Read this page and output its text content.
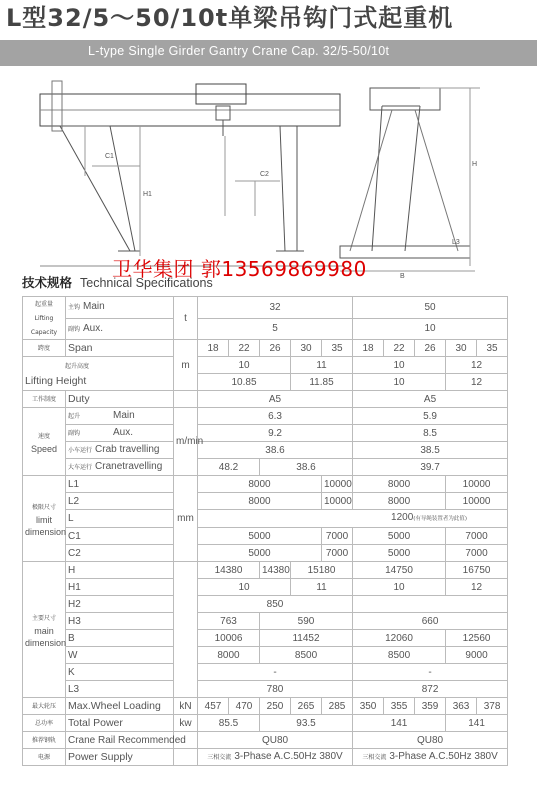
L型32/5～50/10t单梁吊钩门式起重机
L-type Single Girder Gantry Crane Cap. 32/5-50/10t
C1
C2
H1
H
B
L3
卫华集团 郭13569869980
技术规格 Technical Specifications
起重量
Lifting Capacity	主钩 Main	t	32					50				
	副钩 Aux.		5					10				
跨度	Span	m	18	22	26	30	35	18	22	26	30	35
起升高度
Lifting Height			10			11		10			12	
			10.85			11.85		10			12	
工作制度	Duty		A5					A5				
速度
Speed	起升 Main	m/min	6.3					5.9				
	副钩 Aux.		9.2					8.5				
	小车运行 Crab travelling		38.6					38.5				
	大车运行 Cranetravelling		48.2		38.6			39.7				
极限尺寸
limit
dimension	L1	mm	8000				10000	8000			10000	
	L2		8000				10000	8000			10000	
	L		1200(有导绳装置者为此值)									
	C1		5000				7000	5000			7000	
	C2		5000				7000	5000			7000	
主要尺寸
main
dimension	H		14380		14380	15180		14750			16750	
	H1		10			11		10			12	
	H2		850									
	H3		763		590			660				
	B		10006		11452			12060			12560	
	W		8000		8500			8500			9000	
	K		-					-				
	L3		780					872				
最大轮压	Max.Wheel Loading	kN	457	470	250	265	285	350	355	359	363	378
总功率	Total Power	kw	85.5		93.5			141			141	
推荐钢轨	Crane Rail Recommended		QU80					QU80				
电源	Power Supply		三相交流 3-Phase A.C.50Hz 380V					三相交流 3-Phase A.C.50Hz 380V				
